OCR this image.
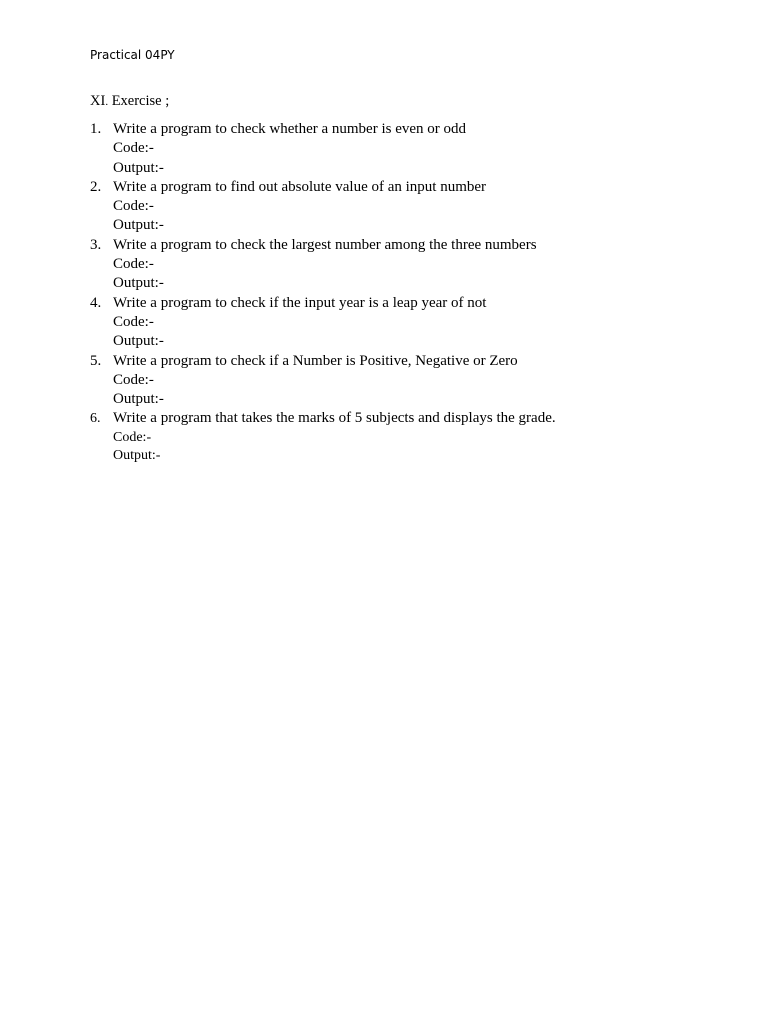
Practical 04PY
XI. Exercise ;
1. Write a program to check whether a number is even or odd
Code:-
Output:-
2. Write a program to find out absolute value of an input number
Code:-
Output:-
3. Write a program to check the largest number among the three numbers
Code:-
Output:-
4. Write a program to check if the input year is a leap year of not
Code:-
Output:-
5. Write a program to check if a Number is Positive, Negative or Zero
Code:-
Output:-
6. Write a program that takes the marks of 5 subjects and displays the grade.
Code:-
Output:-
